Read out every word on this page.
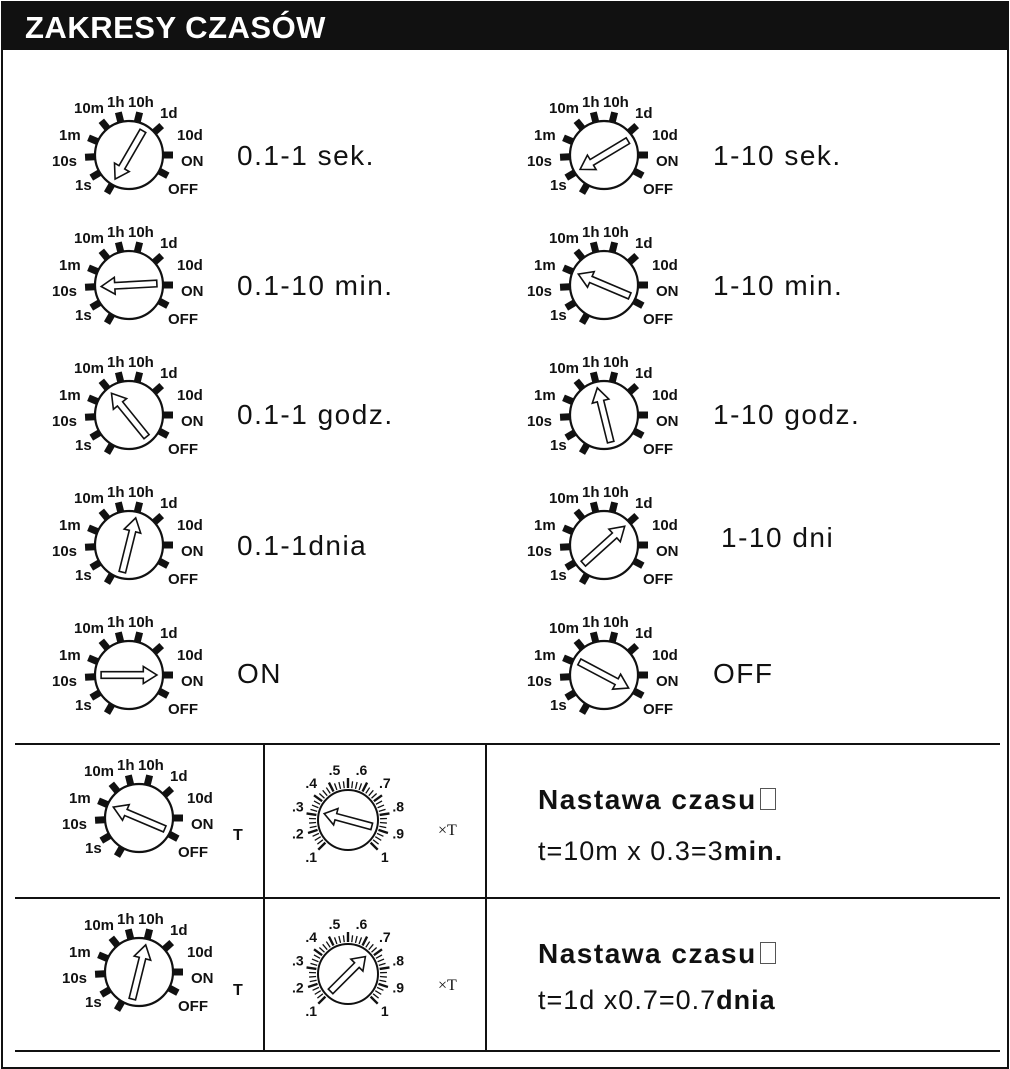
ZAKRESY CZASÓW
1s
10s
1m
10m 1h 10h
1d
10d
ON
OFF
0.1-1 sek.
1s
10s
1m
10m 1h 10h
1d
10d
ON
OFF
1-10 sek.
1s
10s
1m
10m 1h 10h
1d
10d
ON
OFF
0.1-10 min.
1s
10s
1m
10m 1h 10h
1d
10d
ON
OFF
1-10 min.
1s
10s
1m
10m 1h 10h
1d
10d
ON
OFF
0.1-1 godz.
1s
10s
1m
10m 1h 10h
1d
10d
ON
OFF
1-10 godz.
1s
10s
1m
10m 1h 10h
1d
10d
ON
OFF
0.1-1dnia
1s
10s
1m
10m 1h 10h
1d
10d
ON
OFF
1-10 dni
1s
10s
1m
10m 1h 10h
1d
10d
ON
OFF
ON
1s
10s
1m
10m 1h 10h
1d
10d
ON
OFF
OFF
1s
10s
1m
10m 1h 10h
1d
10d
ON
OFF
T
.1
.2
.3
.4
.5 .6
.7
.8
.9
1
×T
Nastawa czasu
t=10m x 0.3=3min.
1s
10s
1m
10m 1h 10h
1d
10d
ON
OFF
T
.1
.2
.3
.4
.5 .6
.7
.8
.9
1
×T
Nastawa czasu
t=1d x0.7=0.7dnia
